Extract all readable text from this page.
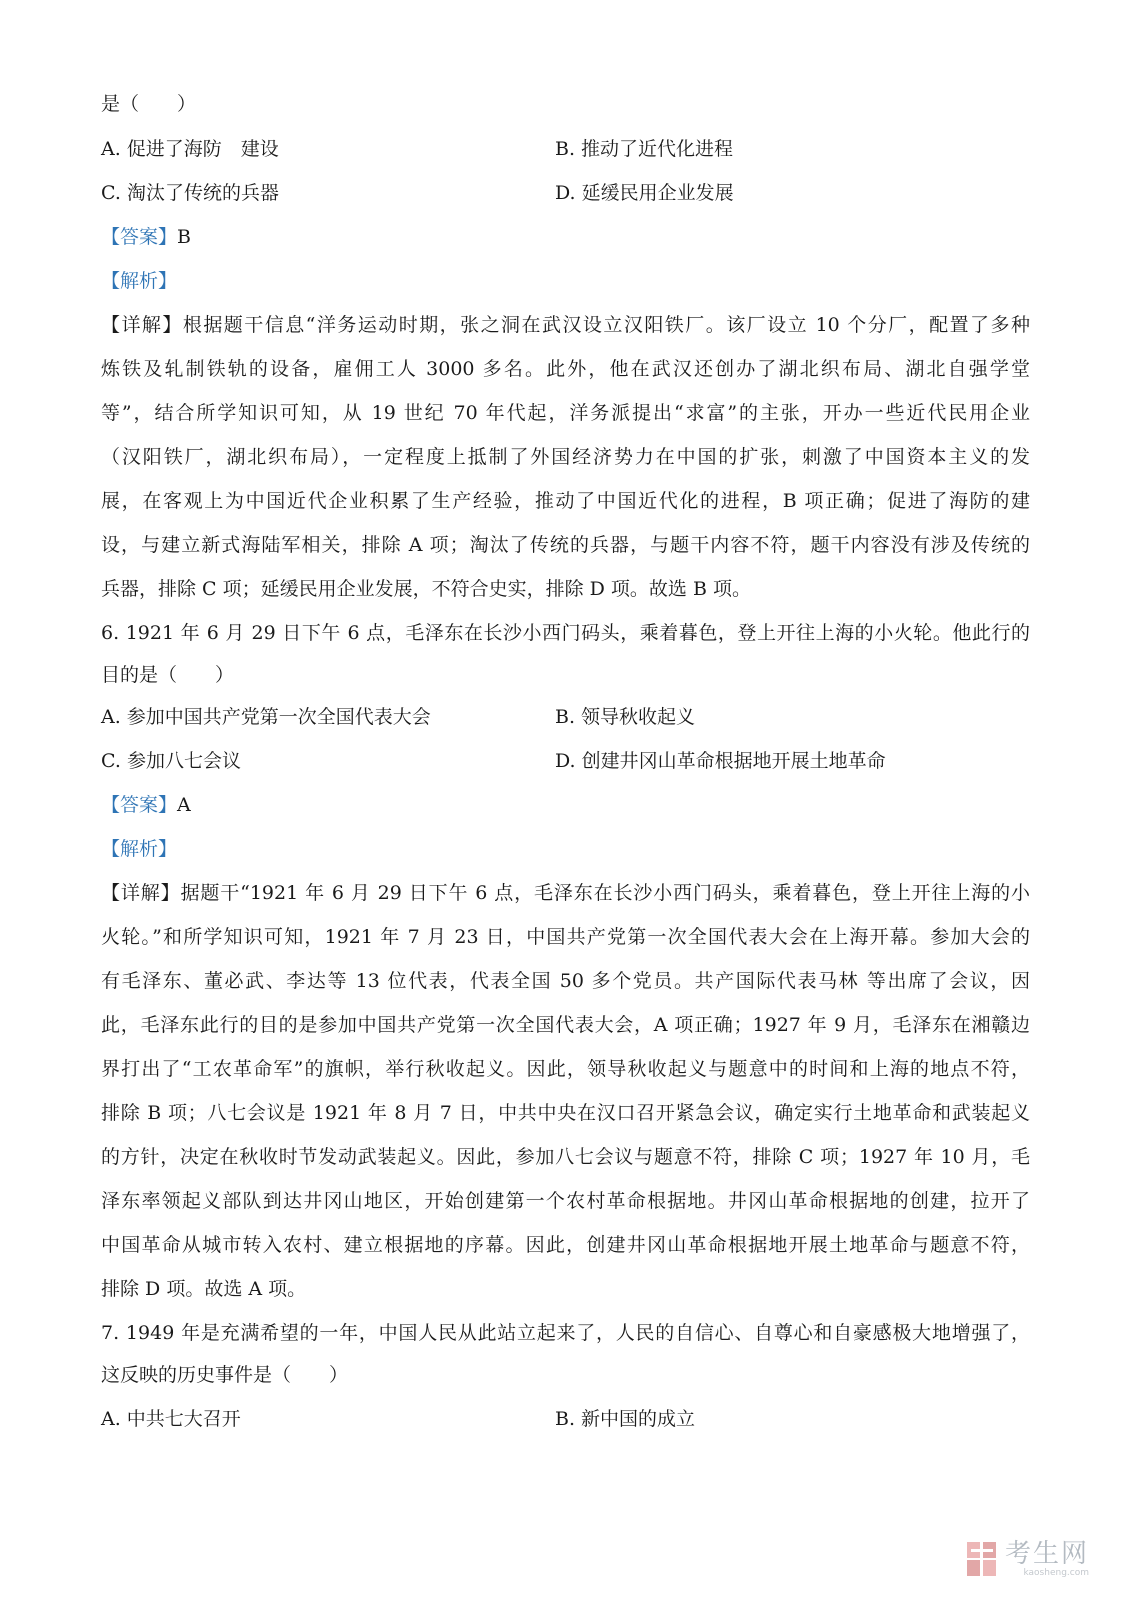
是（　　）
A. 促进了海防　建设	B. 推动了近代化进程
C. 淘汰了传统的兵器	D. 延缓民用企业发展
【答案】B
【解析】
【详解】根据题干信息“洋务运动时期，张之洞在武汉设立汉阳铁厂。该厂设立 10 个分厂，配置了多种
炼铁及轧制铁轨的设备，雇佣工人 3000 多名。此外，他在武汉还创办了湖北织布局、湖北自强学堂
等”，结合所学知识可知，从 19 世纪 70 年代起，洋务派提出“求富”的主张，开办一些近代民用企业
（汉阳铁厂，湖北织布局），一定程度上抵制了外国经济势力在中国的扩张，刺激了中国资本主义的发
展，在客观上为中国近代企业积累了生产经验，推动了中国近代化的进程，B 项正确；促进了海防的建
设，与建立新式海陆军相关，排除 A 项；淘汰了传统的兵器，与题干内容不符，题干内容没有涉及传统的
兵器，排除 C 项；延缓民用企业发展，不符合史实，排除 D 项。故选 B 项。
6. 1921 年 6 月 29 日下午 6 点，毛泽东在长沙小西门码头，乘着暮色，登上开往上海的小火轮。他此行的
目的是（　　）
A. 参加中国共产党第一次全国代表大会	B. 领导秋收起义
C. 参加八七会议	D. 创建井冈山革命根据地开展土地革命
【答案】A
【解析】
【详解】据题干“1921 年 6 月 29 日下午 6 点，毛泽东在长沙小西门码头，乘着暮色，登上开往上海的小
火轮。”和所学知识可知，1921 年 7 月 23 日，中国共产党第一次全国代表大会在上海开幕。参加大会的
有毛泽东、董必武、李达等 13 位代表，代表全国 50 多个党员。共产国际代表马林 等出席了会议，因
此，毛泽东此行的目的是参加中国共产党第一次全国代表大会，A 项正确；1927 年 9 月，毛泽东在湘赣边
界打出了“工农革命军”的旗帜，举行秋收起义。因此，领导秋收起义与题意中的时间和上海的地点不符，
排除 B 项；八七会议是 1921 年 8 月 7 日，中共中央在汉口召开紧急会议，确定实行土地革命和武装起义
的方针，决定在秋收时节发动武装起义。因此，参加八七会议与题意不符，排除 C 项；1927 年 10 月，毛
泽东率领起义部队到达井冈山地区，开始创建第一个农村革命根据地。井冈山革命根据地的创建，拉开了
中国革命从城市转入农村、建立根据地的序幕。因此，创建井冈山革命根据地开展土地革命与题意不符，
排除 D 项。故选 A 项。
7. 1949 年是充满希望的一年，中国人民从此站立起来了，人民的自信心、自尊心和自豪感极大地增强了，
这反映的历史事件是（　　）
A. 中共七大召开	B. 新中国的成立
考生网
kaosheng.com
